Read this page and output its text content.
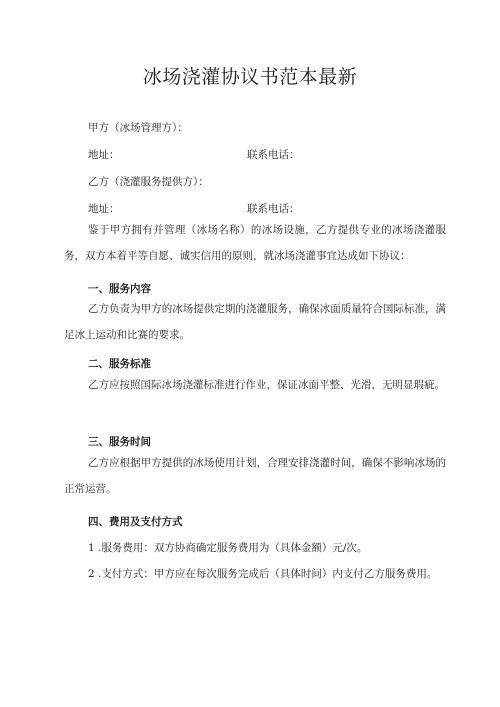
冰场浇灌协议书范本最新
甲方（冰场管理方）：
地址：	联系电话：
乙方（浇灌服务提供方）：
地址：	联系电话：
鉴于甲方拥有并管理（冰场名称）的冰场设施，乙方提供专业的冰场浇灌服务，双方本着平等自愿、诚实信用的原则，就冰场浇灌事宜达成如下协议：
一、服务内容
乙方负责为甲方的冰场提供定期的浇灌服务，确保冰面质量符合国际标准，满足冰上运动和比赛的要求。
二、服务标准
乙方应按照国际冰场浇灌标准进行作业，保证冰面平整、光滑，无明显瑕疵。
三、服务时间
乙方应根据甲方提供的冰场使用计划，合理安排浇灌时间，确保不影响冰场的正常运营。
四、费用及支付方式
1 .服务费用：双方协商确定服务费用为（具体金额）元/次。
2 .支付方式：甲方应在每次服务完成后（具体时间）内支付乙方服务费用。
